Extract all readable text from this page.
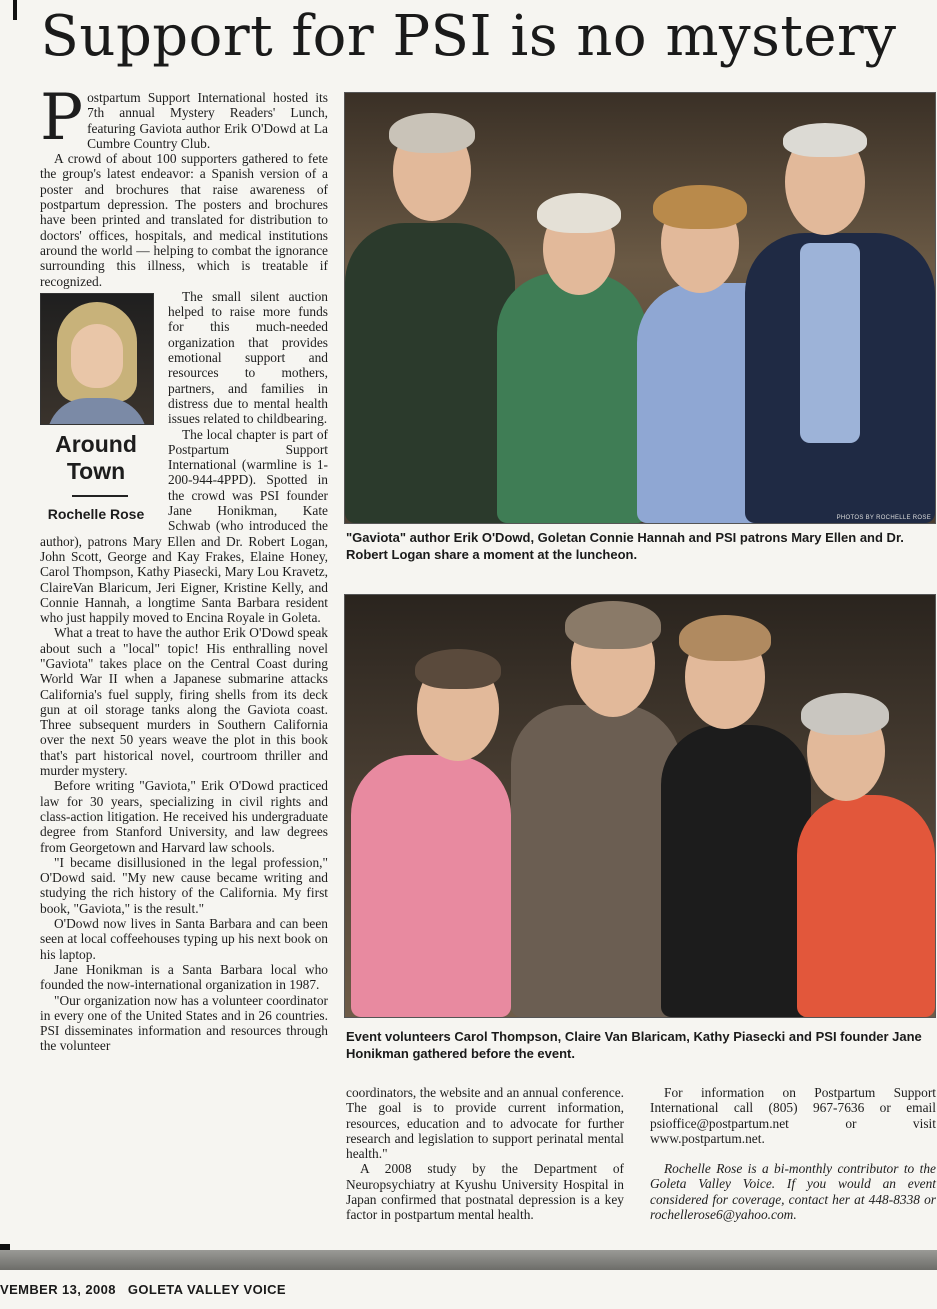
Support for PSI is no mystery

Postpartum Support International hosted its 7th annual Mystery Readers' Lunch, featuring Gaviota author Erik O'Dowd at La Cumbre Country Club.

A crowd of about 100 supporters gathered to fete the group's latest endeavor: a Spanish version of a poster and brochures that raise awareness of postpartum depression. The posters and brochures have been printed and translated for distribution to doctors' offices, hospitals, and medical institutions around the world — helping to combat the ignorance surrounding this illness, which is treatable if recognized.

Around Town
Rochelle Rose

The small silent auction helped to raise more funds for this much-needed organization that provides emotional support and resources to mothers, partners, and families in distress due to mental health issues related to childbearing.

The local chapter is part of Postpartum Support International (warmline is 1-200-944-4PPD). Spotted in the crowd was PSI founder Jane Honikman, Kate Schwab (who introduced the author), patrons Mary Ellen and Dr. Robert Logan, John Scott, George and Kay Frakes, Elaine Honey, Carol Thompson, Kathy Piasecki, Mary Lou Kravetz, ClaireVan Blaricum, Jeri Eigner, Kristine Kelly, and Connie Hannah, a longtime Santa Barbara resident who just happily moved to Encina Royale in Goleta.

What a treat to have the author Erik O'Dowd speak about such a "local" topic! His enthralling novel "Gaviota" takes place on the Central Coast during World War II when a Japanese submarine attacks California's fuel supply, firing shells from its deck gun at oil storage tanks along the Gaviota coast. Three subsequent murders in Southern California over the next 50 years weave the plot in this book that's part historical novel, courtroom thriller and murder mystery.

Before writing "Gaviota," Erik O'Dowd practiced law for 30 years, specializing in civil rights and class-action litigation. He received his undergraduate degree from Stanford University, and law degrees from Georgetown and Harvard law schools.

"I became disillusioned in the legal profession," O'Dowd said. "My new cause became writing and studying the rich history of the California. My first book, "Gaviota," is the result."

O'Dowd now lives in Santa Barbara and can been seen at local coffeehouses typing up his next book on his laptop.

Jane Honikman is a Santa Barbara local who founded the now-international organization in 1987.

"Our organization now has a volunteer coordinator in every one of the United States and in 26 countries. PSI disseminates information and resources through the volunteer

PHOTOS BY ROCHELLE ROSE
"Gaviota" author Erik O'Dowd, Goletan Connie Hannah and PSI patrons Mary Ellen and Dr. Robert Logan share a moment at the luncheon.
Event volunteers Carol Thompson, Claire Van Blaricam, Kathy Piasecki and PSI founder Jane Honikman gathered before the event.

coordinators, the website and an annual conference. The goal is to provide current information, resources, education and to advocate for further research and legislation to support perinatal mental health."

A 2008 study by the Department of Neuropsychiatry at Kyushu University Hospital in Japan confirmed that postnatal depression is a key factor in postpartum mental health.

For information on Postpartum Support International call (805) 967-7636 or email psioffice@postpartum.net or visit www.postpartum.net.

Rochelle Rose is a bi-monthly contributor to the Goleta Valley Voice. If you would an event considered for coverage, contact her at 448-8338 or rochellerose6@yahoo.com.

VEMBER 13, 2008   GOLETA VALLEY VOICE
